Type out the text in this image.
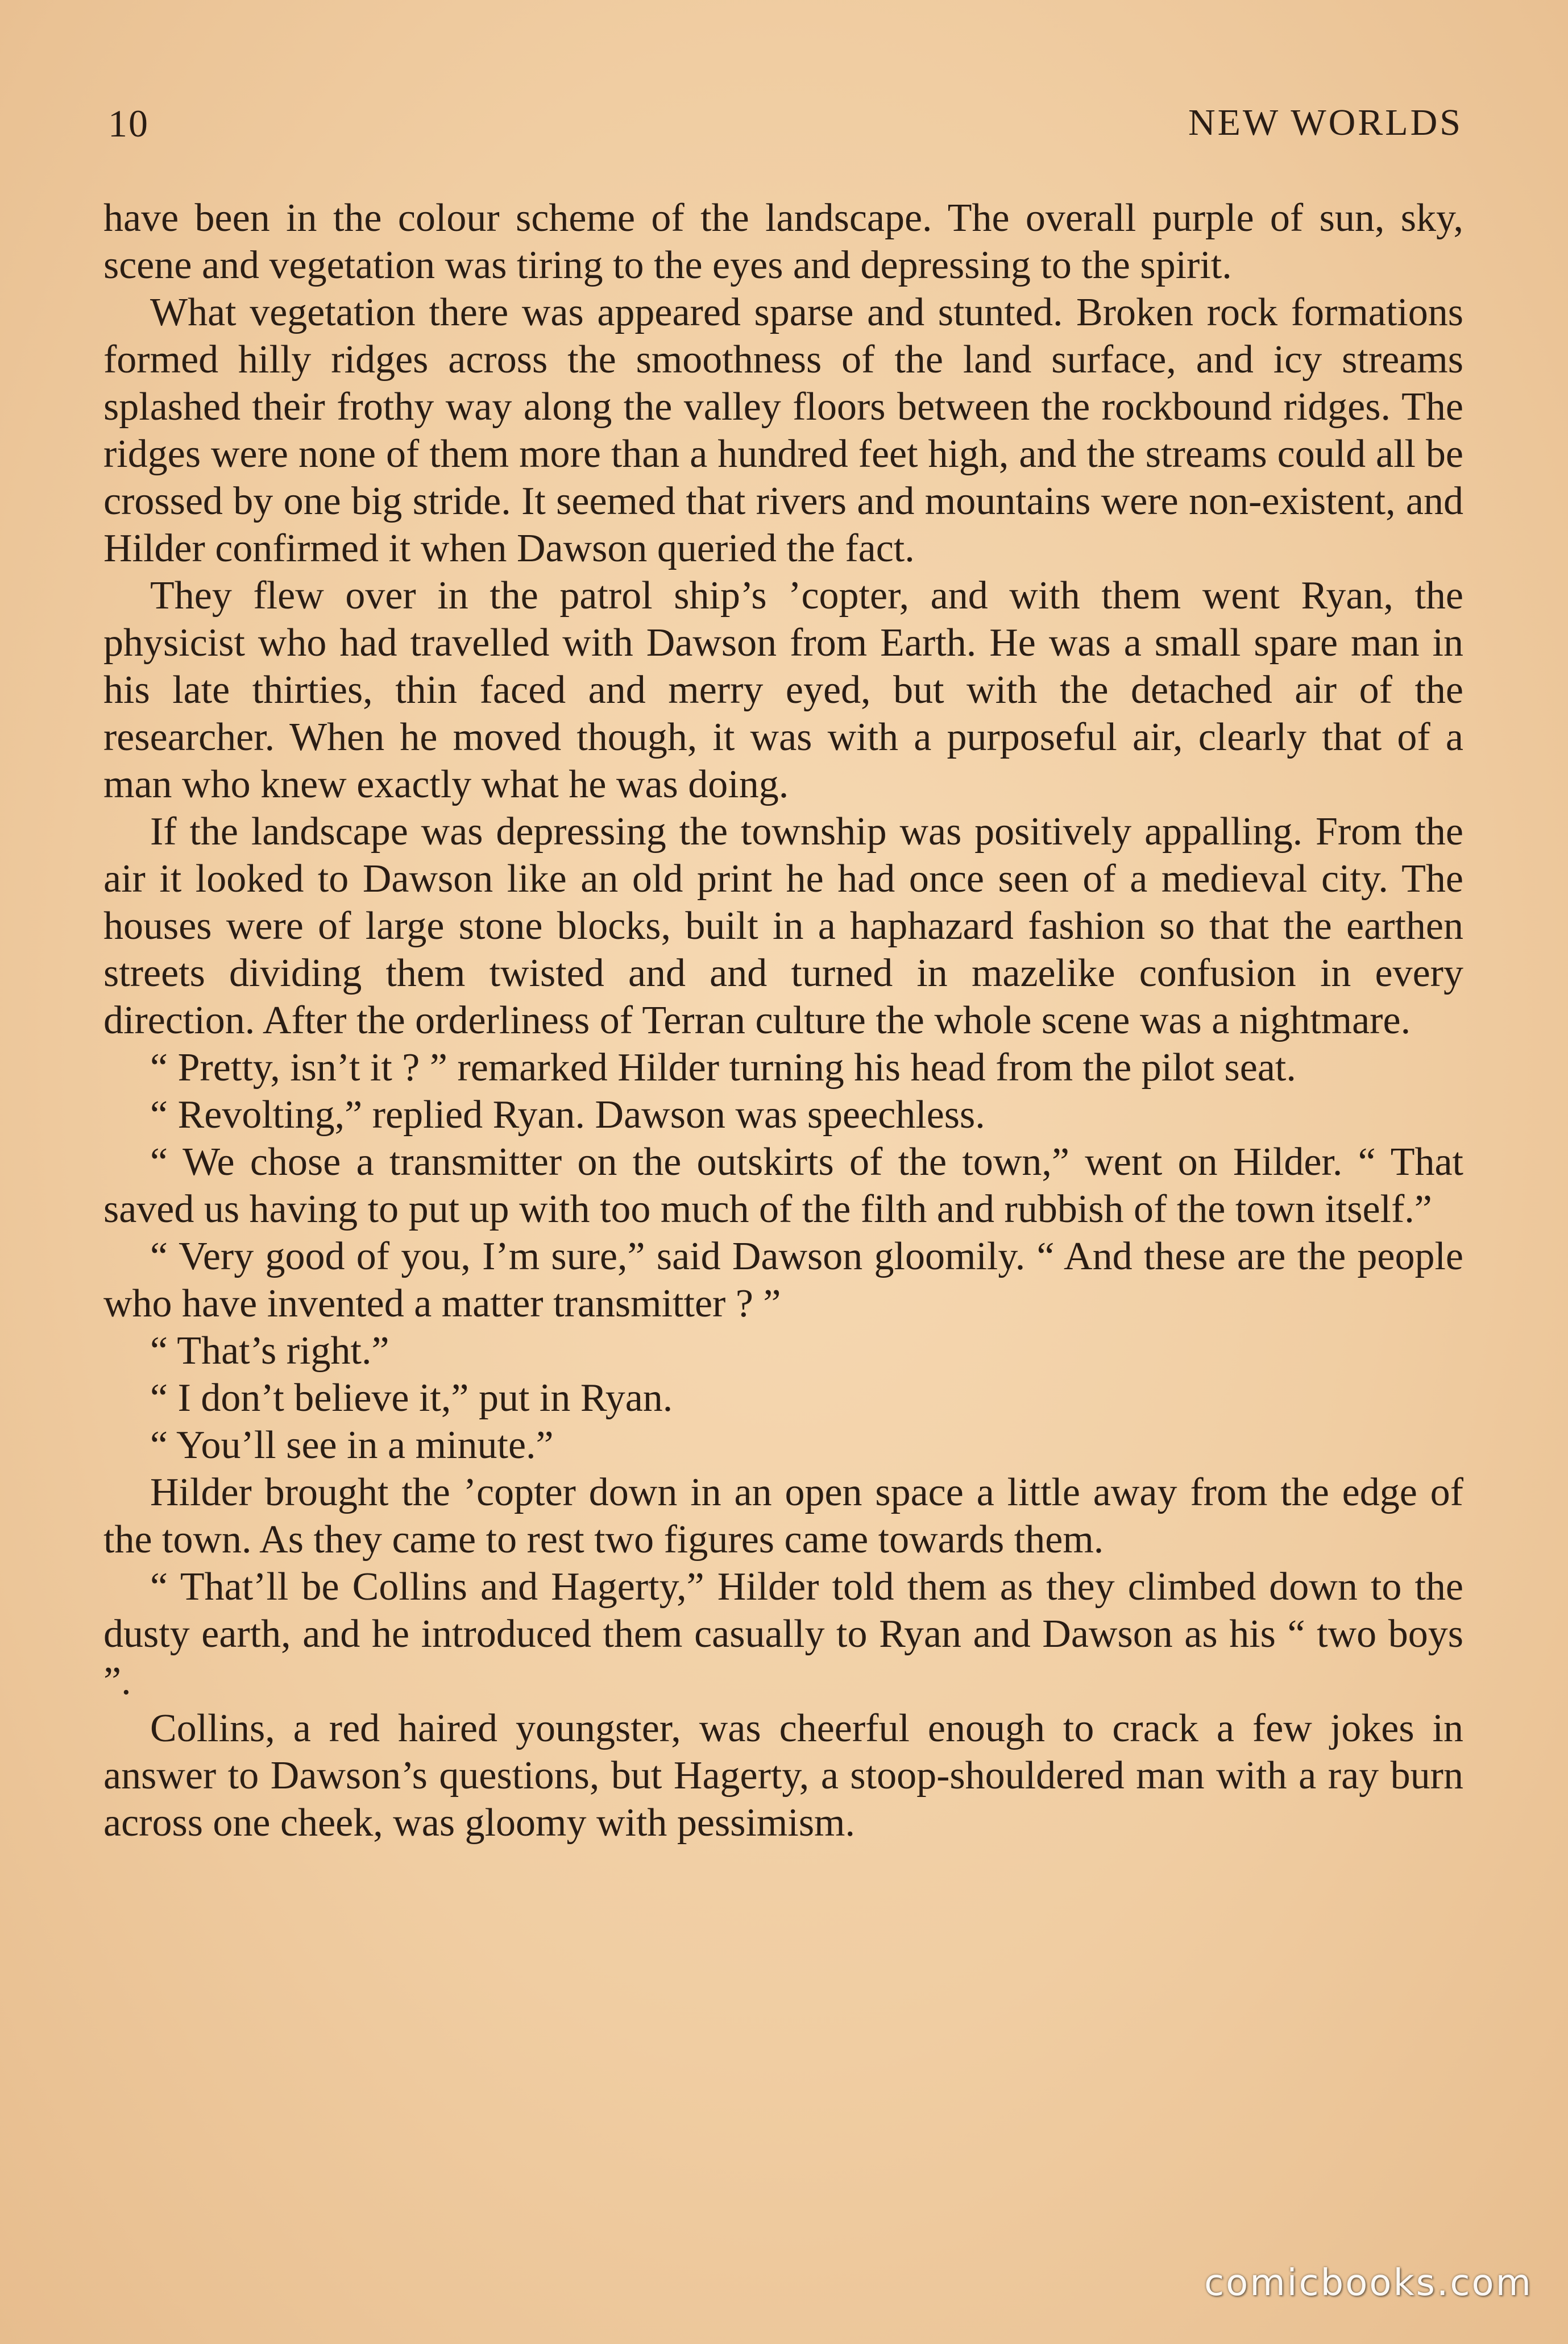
10	NEW WORLDS

have been in the colour scheme of the landscape. The overall purple of sun, sky, scene and vegetation was tiring to the eyes and depressing to the spirit.

What vegetation there was appeared sparse and stunted. Broken rock formations formed hilly ridges across the smoothness of the land surface, and icy streams splashed their frothy way along the valley floors between the rockbound ridges. The ridges were none of them more than a hundred feet high, and the streams could all be crossed by one big stride. It seemed that rivers and mountains were non-existent, and Hilder confirmed it when Dawson queried the fact.

They flew over in the patrol ship’s ’copter, and with them went Ryan, the physicist who had travelled with Dawson from Earth. He was a small spare man in his late thirties, thin faced and merry eyed, but with the detached air of the researcher. When he moved though, it was with a purposeful air, clearly that of a man who knew exactly what he was doing.

If the landscape was depressing the township was positively appalling. From the air it looked to Dawson like an old print he had once seen of a medieval city. The houses were of large stone blocks, built in a haphazard fashion so that the earthen streets dividing them twisted and and turned in mazelike confusion in every direction. After the orderliness of Terran culture the whole scene was a nightmare.

“ Pretty, isn’t it ? ” remarked Hilder turning his head from the pilot seat.

“ Revolting,” replied Ryan. Dawson was speechless.

“ We chose a transmitter on the outskirts of the town,” went on Hilder. “ That saved us having to put up with too much of the filth and rubbish of the town itself.”

“ Very good of you, I’m sure,” said Dawson gloomily. “ And these are the people who have invented a matter transmitter ? ”

“ That’s right.”

“ I don’t believe it,” put in Ryan.

“ You’ll see in a minute.”

Hilder brought the ’copter down in an open space a little away from the edge of the town. As they came to rest two figures came towards them.

“ That’ll be Collins and Hagerty,” Hilder told them as they climbed down to the dusty earth, and he introduced them casually to Ryan and Dawson as his “ two boys ”.

Collins, a red haired youngster, was cheerful enough to crack a few jokes in answer to Dawson’s questions, but Hagerty, a stoop-shouldered man with a ray burn across one cheek, was gloomy with pessimism.

comicbooks.com
